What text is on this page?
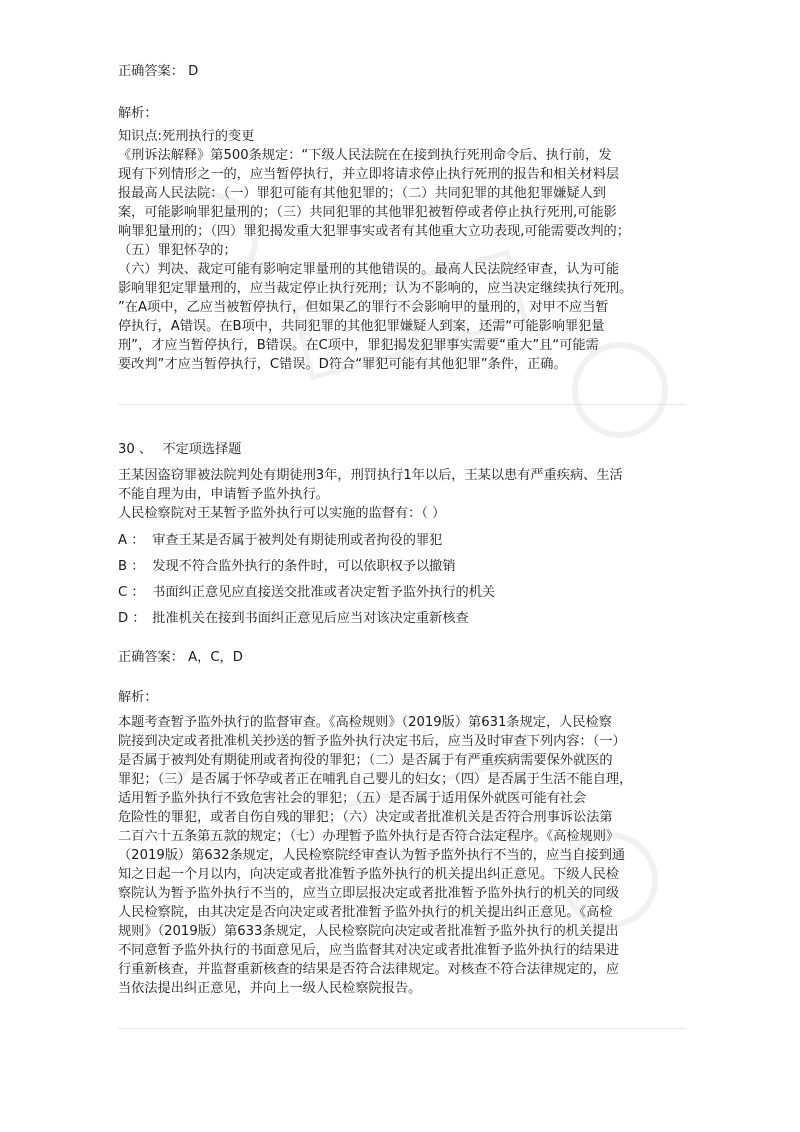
正确答案： D
解析：
知识点:死刑执行的变更
《刑诉法解释》第500条规定：“下级人民法院在在接到执行死刑命令后、执行前，发
现有下列情形之一的，应当暂停执行，并立即将请求停止执行死刑的报告和相关材料层
报最高人民法院：（一）罪犯可能有其他犯罪的；（二）共同犯罪的其他犯罪嫌疑人到
案，可能影响罪犯量刑的；（三）共同犯罪的其他罪犯被暂停或者停止执行死刑,可能影
响罪犯量刑的；（四）罪犯揭发重大犯罪事实或者有其他重大立功表现,可能需要改判的；
（五）罪犯怀孕的；
（六）判决、裁定可能有影响定罪量刑的其他错误的。最高人民法院经审查，认为可能
影响罪犯定罪量刑的，应当裁定停止执行死刑；认为不影响的，应当决定继续执行死刑。
”在A项中，乙应当被暂停执行，但如果乙的罪行不会影响甲的量刑的，对甲不应当暂
停执行，A错误。在B项中，共同犯罪的其他犯罪嫌疑人到案，还需“可能影响罪犯量
刑”，才应当暂停执行，B错误。在C项中，罪犯揭发犯罪事实需要“重大”且“可能需
要改判”才应当暂停执行，C错误。D符合“罪犯可能有其他犯罪”条件，正确。
30 、 不定项选择题
王某因盗窃罪被法院判处有期徒刑3年，刑罚执行1年以后，王某以患有严重疾病、生活
不能自理为由，申请暂予监外执行。
人民检察院对王某暂予监外执行可以实施的监督有：（ ）
A ： 审查王某是否属于被判处有期徒刑或者拘役的罪犯
B ： 发现不符合监外执行的条件时，可以依职权予以撤销
C ： 书面纠正意见应直接送交批准或者决定暂予监外执行的机关
D ： 批准机关在接到书面纠正意见后应当对该决定重新核查
正确答案： A，C，D
解析：
本题考查暂予监外执行的监督审查。《高检规则》（2019版）第631条规定，人民检察
院接到决定或者批准机关抄送的暂予监外执行决定书后，应当及时审查下列内容：（一）
是否属于被判处有期徒刑或者拘役的罪犯；（二）是否属于有严重疾病需要保外就医的
罪犯；（三）是否属于怀孕或者正在哺乳自己婴儿的妇女；（四）是否属于生活不能自理，
适用暂予监外执行不致危害社会的罪犯；（五）是否属于适用保外就医可能有社会
危险性的罪犯，或者自伤自残的罪犯；（六）决定或者批准机关是否符合刑事诉讼法第
二百六十五条第五款的规定；（七）办理暂予监外执行是否符合法定程序。《高检规则》
（2019版）第632条规定，人民检察院经审查认为暂予监外执行不当的，应当自接到通
知之日起一个月以内，向决定或者批准暂予监外执行的机关提出纠正意见。下级人民检
察院认为暂予监外执行不当的，应当立即层报决定或者批准暂予监外执行的机关的同级
人民检察院，由其决定是否向决定或者批准暂予监外执行的机关提出纠正意见。《高检
规则》（2019版）第633条规定，人民检察院向决定或者批准暂予监外执行的机关提出
不同意暂予监外执行的书面意见后，应当监督其对决定或者批准暂予监外执行的结果进
行重新核查，并监督重新核查的结果是否符合法律规定。对核查不符合法律规定的，应
当依法提出纠正意见，并向上一级人民检察院报告。
